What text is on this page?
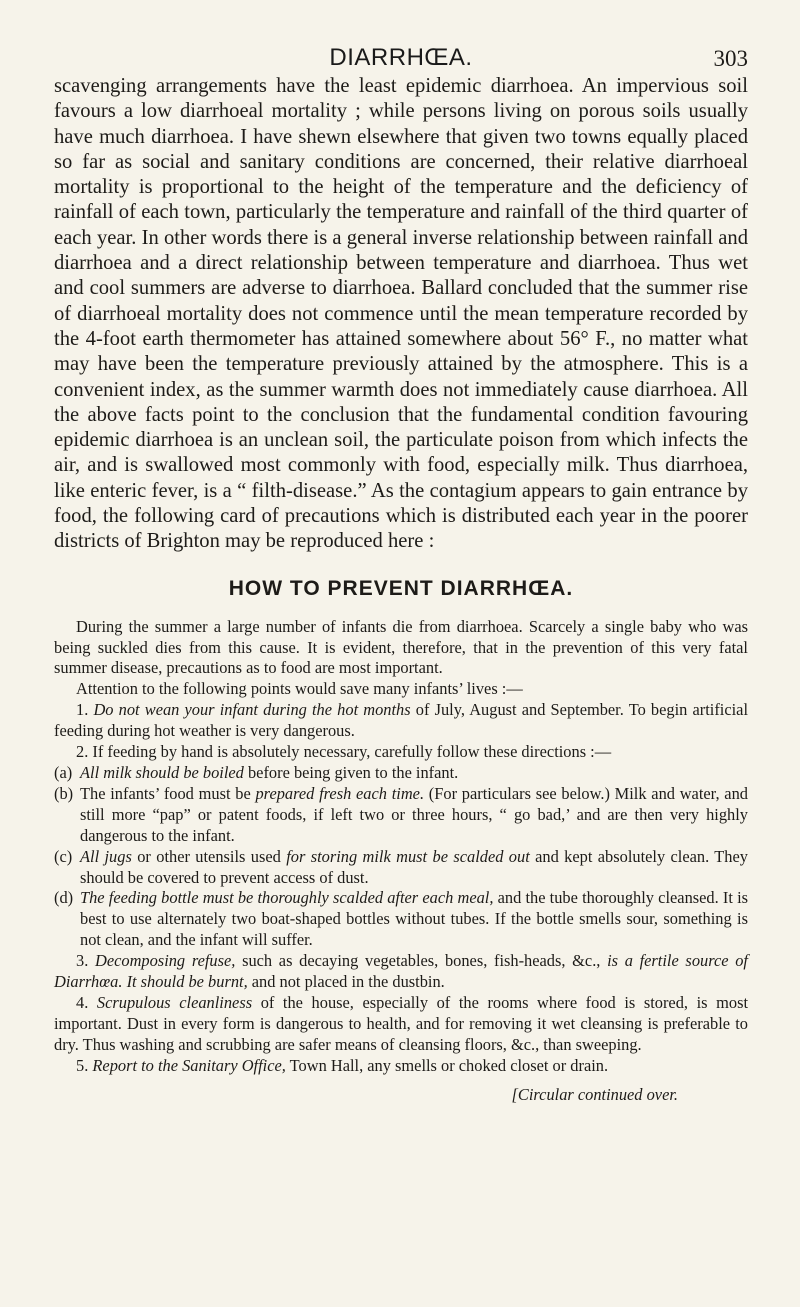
DIARRHŒA.	303

scavenging arrangements have the least epidemic diarrhoea. An impervious soil favours a low diarrhoeal mortality ; while persons living on porous soils usually have much diarrhoea. I have shewn elsewhere that given two towns equally placed so far as social and sanitary conditions are concerned, their relative diarrhoeal mortality is proportional to the height of the temperature and the deficiency of rainfall of each town, particularly the temperature and rainfall of the third quarter of each year. In other words there is a general inverse relationship between rainfall and diarrhoea and a direct relationship between temperature and diarrhoea. Thus wet and cool summers are adverse to diarrhoea. Ballard concluded that the summer rise of diarrhoeal mortality does not commence until the mean temperature recorded by the 4-foot earth thermometer has attained somewhere about 56° F., no matter what may have been the temperature previously attained by the atmosphere. This is a convenient index, as the summer warmth does not immediately cause diarrhoea. All the above facts point to the conclusion that the fundamental condition favouring epidemic diarrhoea is an unclean soil, the particulate poison from which infects the air, and is swallowed most commonly with food, especially milk. Thus diarrhoea, like enteric fever, is a “ filth-disease.” As the contagium appears to gain entrance by food, the following card of precautions which is distributed each year in the poorer districts of Brighton may be reproduced here :

HOW TO PREVENT DIARRHŒA.

During the summer a large number of infants die from diarrhoea. Scarcely a single baby who was being suckled dies from this cause. It is evident, therefore, that in the prevention of this very fatal summer disease, precautions as to food are most important.

Attention to the following points would save many infants’ lives :—

1. Do not wean your infant during the hot months of July, August and September. To begin artificial feeding during hot weather is very dangerous.

2. If feeding by hand is absolutely necessary, carefully follow these directions :—

(a) All milk should be boiled before being given to the infant.

(b) The infants’ food must be prepared fresh each time. (For particulars see below.) Milk and water, and still more “pap” or patent foods, if left two or three hours, “ go bad,’ and are then very highly dangerous to the infant.

(c) All jugs or other utensils used for storing milk must be scalded out and kept absolutely clean. They should be covered to prevent access of dust.

(d) The feeding bottle must be thoroughly scalded after each meal, and the tube thoroughly cleansed. It is best to use alternately two boat-shaped bottles without tubes. If the bottle smells sour, something is not clean, and the infant will suffer.

3. Decomposing refuse, such as decaying vegetables, bones, fish-heads, &c., is a fertile source of Diarrhœa. It should be burnt, and not placed in the dustbin.

4. Scrupulous cleanliness of the house, especially of the rooms where food is stored, is most important. Dust in every form is dangerous to health, and for removing it wet cleansing is preferable to dry. Thus washing and scrubbing are safer means of cleansing floors, &c., than sweeping.

5. Report to the Sanitary Office, Town Hall, any smells or choked closet or drain.

[Circular continued over.
